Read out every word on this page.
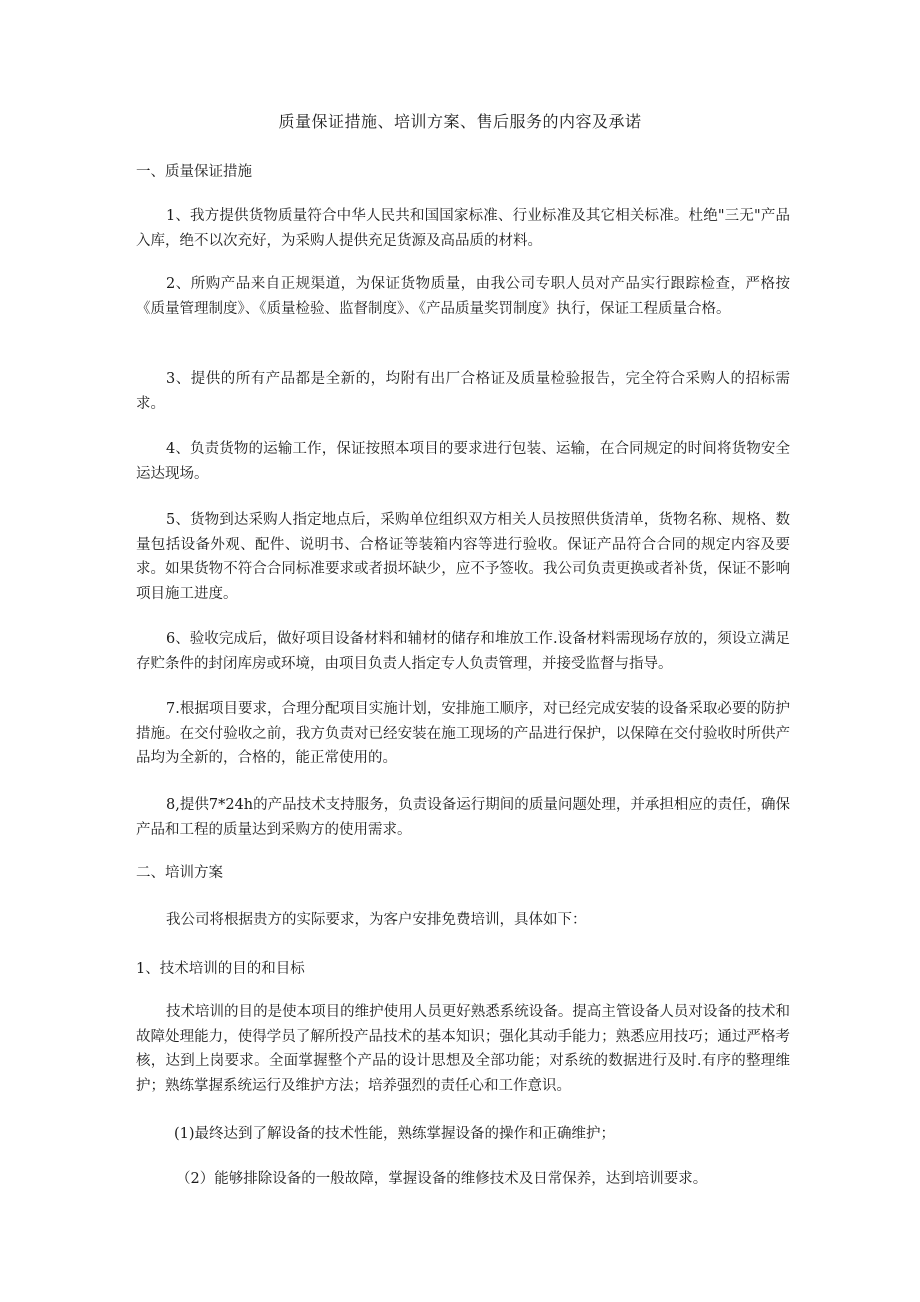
质量保证措施、培训方案、售后服务的内容及承诺
一、质量保证措施
1、我方提供货物质量符合中华人民共和国国家标准、行业标准及其它相关标准。杜绝"三无"产品入库，绝不以次充好，为采购人提供充足货源及高品质的材料。
2、所购产品来自正规渠道，为保证货物质量，由我公司专职人员对产品实行跟踪检查，严格按《质量管理制度》、《质量检验、监督制度》、《产品质量奖罚制度》执行，保证工程质量合格。
3、提供的所有产品都是全新的，均附有出厂合格证及质量检验报告，完全符合采购人的招标需求。
4、负责货物的运输工作，保证按照本项目的要求进行包装、运输，在合同规定的时间将货物安全运达现场。
5、货物到达采购人指定地点后，采购单位组织双方相关人员按照供货清单，货物名称、规格、数量包括设备外观、配件、说明书、合格证等装箱内容等进行验收。保证产品符合合同的规定内容及要求。如果货物不符合合同标准要求或者损坏缺少，应不予签收。我公司负责更换或者补货，保证不影响项目施工进度。
6、验收完成后，做好项目设备材料和辅材的储存和堆放工作.设备材料需现场存放的，须设立满足存贮条件的封闭库房或环境，由项目负责人指定专人负责管理，并接受监督与指导。
7.根据项目要求，合理分配项目实施计划，安排施工顺序，对已经完成安装的设备采取必要的防护措施。在交付验收之前，我方负责对已经安装在施工现场的产品进行保护，以保障在交付验收时所供产品均为全新的，合格的，能正常使用的。
8,提供7*24h的产品技术支持服务，负责设备运行期间的质量问题处理，并承担相应的责任，确保产品和工程的质量达到采购方的使用需求。
二、培训方案
我公司将根据贵方的实际要求，为客户安排免费培训，具体如下：
1、技术培训的目的和目标
技术培训的目的是使本项目的维护使用人员更好熟悉系统设备。提高主管设备人员对设备的技术和故障处理能力，使得学员了解所投产品技术的基本知识；强化其动手能力；熟悉应用技巧；通过严格考核，达到上岗要求。全面掌握整个产品的设计思想及全部功能；对系统的数据进行及时.有序的整理维护；熟练掌握系统运行及维护方法；培养强烈的责任心和工作意识。
(1)最终达到了解设备的技术性能，熟练掌握设备的操作和正确维护；
（2）能够排除设备的一般故障，掌握设备的维修技术及日常保养，达到培训要求。
